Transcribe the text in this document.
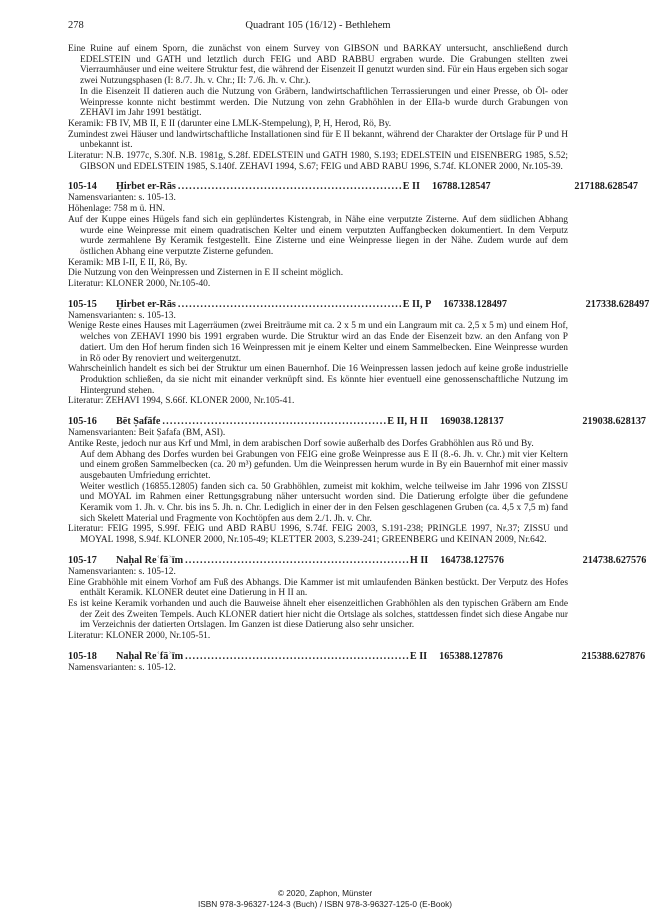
278	Quadrant 105 (16/12) - Bethlehem

Eine Ruine auf einem Sporn, die zunächst von einem Survey von GIBSON und BARKAY untersucht, anschließend durch EDELSTEIN und GATH und letztlich durch FEIG und ABD RABBU ergraben wurde. Die Grabungen stellten zwei Vierraumhäuser und eine weitere Struktur fest, die während der Eisenzeit II genutzt wurden sind. Für ein Haus ergeben sich sogar zwei Nutzungsphasen (I: 8./7. Jh. v. Chr.; II: 7./6. Jh. v. Chr.).

In die Eisenzeit II datieren auch die Nutzung von Gräbern, landwirtschaftlichen Terrassierungen und einer Presse, ob Öl- oder Weinpresse konnte nicht bestimmt werden. Die Nutzung von zehn Grabhöhlen in der EIIa-b wurde durch Grabungen von ZEHAVI im Jahr 1991 bestätigt.

Keramik: FB IV, MB II, E II (darunter eine LMLK-Stempelung), P, H, Herod, Rö, By.

Zumindest zwei Häuser und landwirtschaftliche Installationen sind für E II bekannt, während der Charakter der Ortslage für P und H unbekannt ist.

Literatur: N.B. 1977c, S.30f. N.B. 1981g, S.28f. EDELSTEIN und GATH 1980, S.193; EDELSTEIN und EISENBERG 1985, S.52; GIBSON und EDELSTEIN 1985, S.140f. ZEHAVI 1994, S.67; FEIG und ABD RABU 1996, S.74f. KLONER 2000, Nr.105-39.

105-14	Ḫirbet er-Rās ............................................................ E II 16788.128547	217188.628547

Namensvarianten: s. 105-13.

Höhenlage: 758 m ü. HN.

Auf der Kuppe eines Hügels fand sich ein geplündertes Kistengrab, in Nähe eine verputzte Zisterne. Auf dem südlichen Abhang wurde eine Weinpresse mit einem quadratischen Kelter und einem verputzten Auffangbecken dokumentiert. In dem Verputz wurde zermahlene By Keramik festgestellt. Eine Zisterne und eine Weinpresse liegen in der Nähe. Zudem wurde auf dem östlichen Abhang eine verputzte Zisterne gefunden.

Keramik: MB I-II, E II, Rö, By.

Die Nutzung von den Weinpressen und Zisternen in E II scheint möglich.

Literatur: KLONER 2000, Nr.105-40.

105-15	Ḫirbet er-Rās ............................................................ E II, P 167338.128497	217338.628497

Namensvarianten: s. 105-13.

Wenige Reste eines Hauses mit Lagerräumen (zwei Breiträume mit ca. 2 x 5 m und ein Langraum mit ca. 2,5 x 5 m) und einem Hof, welches von ZEHAVI 1990 bis 1991 ergraben wurde. Die Struktur wird an das Ende der Eisenzeit bzw. an den Anfang von P datiert. Um den Hof herum finden sich 16 Weinpressen mit je einem Kelter und einem Sammelbecken. Eine Weinpresse wurden in Rö oder By renoviert und weitergenutzt.

Wahrscheinlich handelt es sich bei der Struktur um einen Bauernhof. Die 16 Weinpressen lassen jedoch auf keine große industrielle Produktion schließen, da sie nicht mit einander verknüpft sind. Es könnte hier eventuell eine genossenschaftliche Nutzung im Hintergrund stehen.

Literatur: ZEHAVI 1994, S.66f. KLONER 2000, Nr.105-41.

105-16	Bēt Ṣafāfe ............................................................ E II, H II 169038.128137	219038.628137

Namensvarianten: Beit Ṣafafa (BM, ASI).

Antike Reste, jedoch nur aus Krf und Mml, in dem arabischen Dorf sowie außerhalb des Dorfes Grabhöhlen aus Rö und By.

Auf dem Abhang des Dorfes wurden bei Grabungen von FEIG eine große Weinpresse aus E II (8.-6. Jh. v. Chr.) mit vier Keltern und einem großen Sammelbecken (ca. 20 m³) gefunden. Um die Weinpressen herum wurde in By ein Bauernhof mit einer massiv ausgebauten Umfriedung errichtet.

Weiter westlich (16855.12805) fanden sich ca. 50 Grabhöhlen, zumeist mit kokhim, welche teilweise im Jahr 1996 von ZISSU und MOYAL im Rahmen einer Rettungsgrabung näher untersucht worden sind. Die Datierung erfolgte über die gefundene Keramik vom 1. Jh. v. Chr. bis ins 5. Jh. n. Chr. Lediglich in einer der in den Felsen geschlagenen Gruben (ca. 4,5 x 7,5 m) fand sich Skelett Material und Fragmente von Kochtöpfen aus dem 2./1. Jh. v. Chr.

Literatur: FEIG 1995, S.99f. FEIG und ABD RABU 1996, S.74f. FEIG 2003, S.191-238; PRINGLE 1997, Nr.37; ZISSU und MOYAL 1998, S.94f. KLONER 2000, Nr.105-49; KLETTER 2003, S.239-241; GREENBERG und KEINAN 2009, Nr.642.

105-17	Naḥal Reʿfāʾīm ............................................................ H II 164738.127576	214738.627576

Namensvarianten: s. 105-12.

Eine Grabhöhle mit einem Vorhof am Fuß des Abhangs. Die Kammer ist mit umlaufenden Bänken bestückt. Der Verputz des Hofes enthält Keramik. KLONER deutet eine Datierung in H II an.

Es ist keine Keramik vorhanden und auch die Bauweise ähnelt eher eisenzeitlichen Grabhöhlen als den typischen Gräbern am Ende der Zeit des Zweiten Tempels. Auch KLONER datiert hier nicht die Ortslage als solches, stattdessen findet sich diese Angabe nur im Verzeichnis der datierten Ortslagen. Im Ganzen ist diese Datierung also sehr unsicher.

Literatur: KLONER 2000, Nr.105-51.

105-18	Naḥal Reʿfāʾīm ............................................................ E II 165388.127876	215388.627876

Namensvarianten: s. 105-12.

© 2020, Zaphon, Münster
ISBN 978-3-96327-124-3 (Buch) / ISBN 978-3-96327-125-0 (E-Book)
